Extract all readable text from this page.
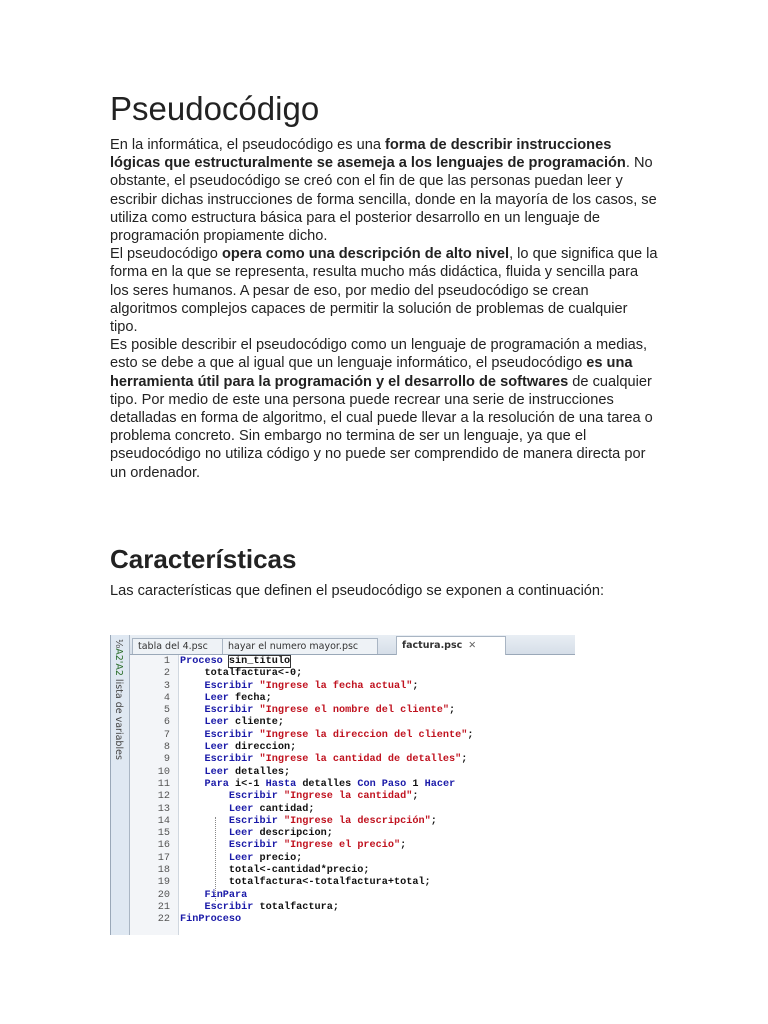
Pseudocódigo

En la informática, el pseudocódigo es una forma de describir instrucciones lógicas que estructuralmente se asemeja a los lenguajes de programación. No obstante, el pseudocódigo se creó con el fin de que las personas puedan leer y escribir dichas instrucciones de forma sencilla, donde en la mayoría de los casos, se utiliza como estructura básica para el posterior desarrollo en un lenguaje de programación propiamente dicho.

El pseudocódigo opera como una descripción de alto nivel, lo que significa que la forma en la que se representa, resulta mucho más didáctica, fluida y sencilla para los seres humanos. A pesar de eso, por medio del pseudocódigo se crean algoritmos complejos capaces de permitir la solución de problemas de cualquier tipo.

Es posible describir el pseudocódigo como un lenguaje de programación a medias, esto se debe a que al igual que un lenguaje informático, el pseudocódigo es una herramienta útil para la programación y el desarrollo de softwares de cualquier tipo. Por medio de este una persona puede recrear una serie de instrucciones detalladas en forma de algoritmo, el cual puede llevar a la resolución de una tarea o problema concreto. Sin embargo no termina de ser un lenguaje, ya que el pseudocódigo no utiliza código y no puede ser comprendido de manera directa por un ordenador.

Características

Las características que definen el pseudocódigo se exponen a continuación:

¹⁄₀A2'A2 lista de variables
tabla del 4.psc	hayar el numero mayor.psc	factura.psc ✕
1 Proceso sin_titulo
2	totalfactura<-0;
3	Escribir "Ingrese la fecha actual";
4	Leer fecha;
5	Escribir "Ingrese el nombre del cliente";
6	Leer cliente;
7	Escribir "Ingrese la direccion del cliente";
8	Leer direccion;
9	Escribir "Ingrese la cantidad de detalles";
10	Leer detalles;
11	Para i<-1 Hasta detalles Con Paso 1 Hacer
12	Escribir "Ingrese la cantidad";
13	Leer cantidad;
14	Escribir "Ingrese la descripción";
15	Leer descripcion;
16	Escribir "Ingrese el precio";
17	Leer precio;
18	total<-cantidad*precio;
19	totalfactura<-totalfactura+total;
20	FinPara
21	Escribir totalfactura;
22 FinProceso
